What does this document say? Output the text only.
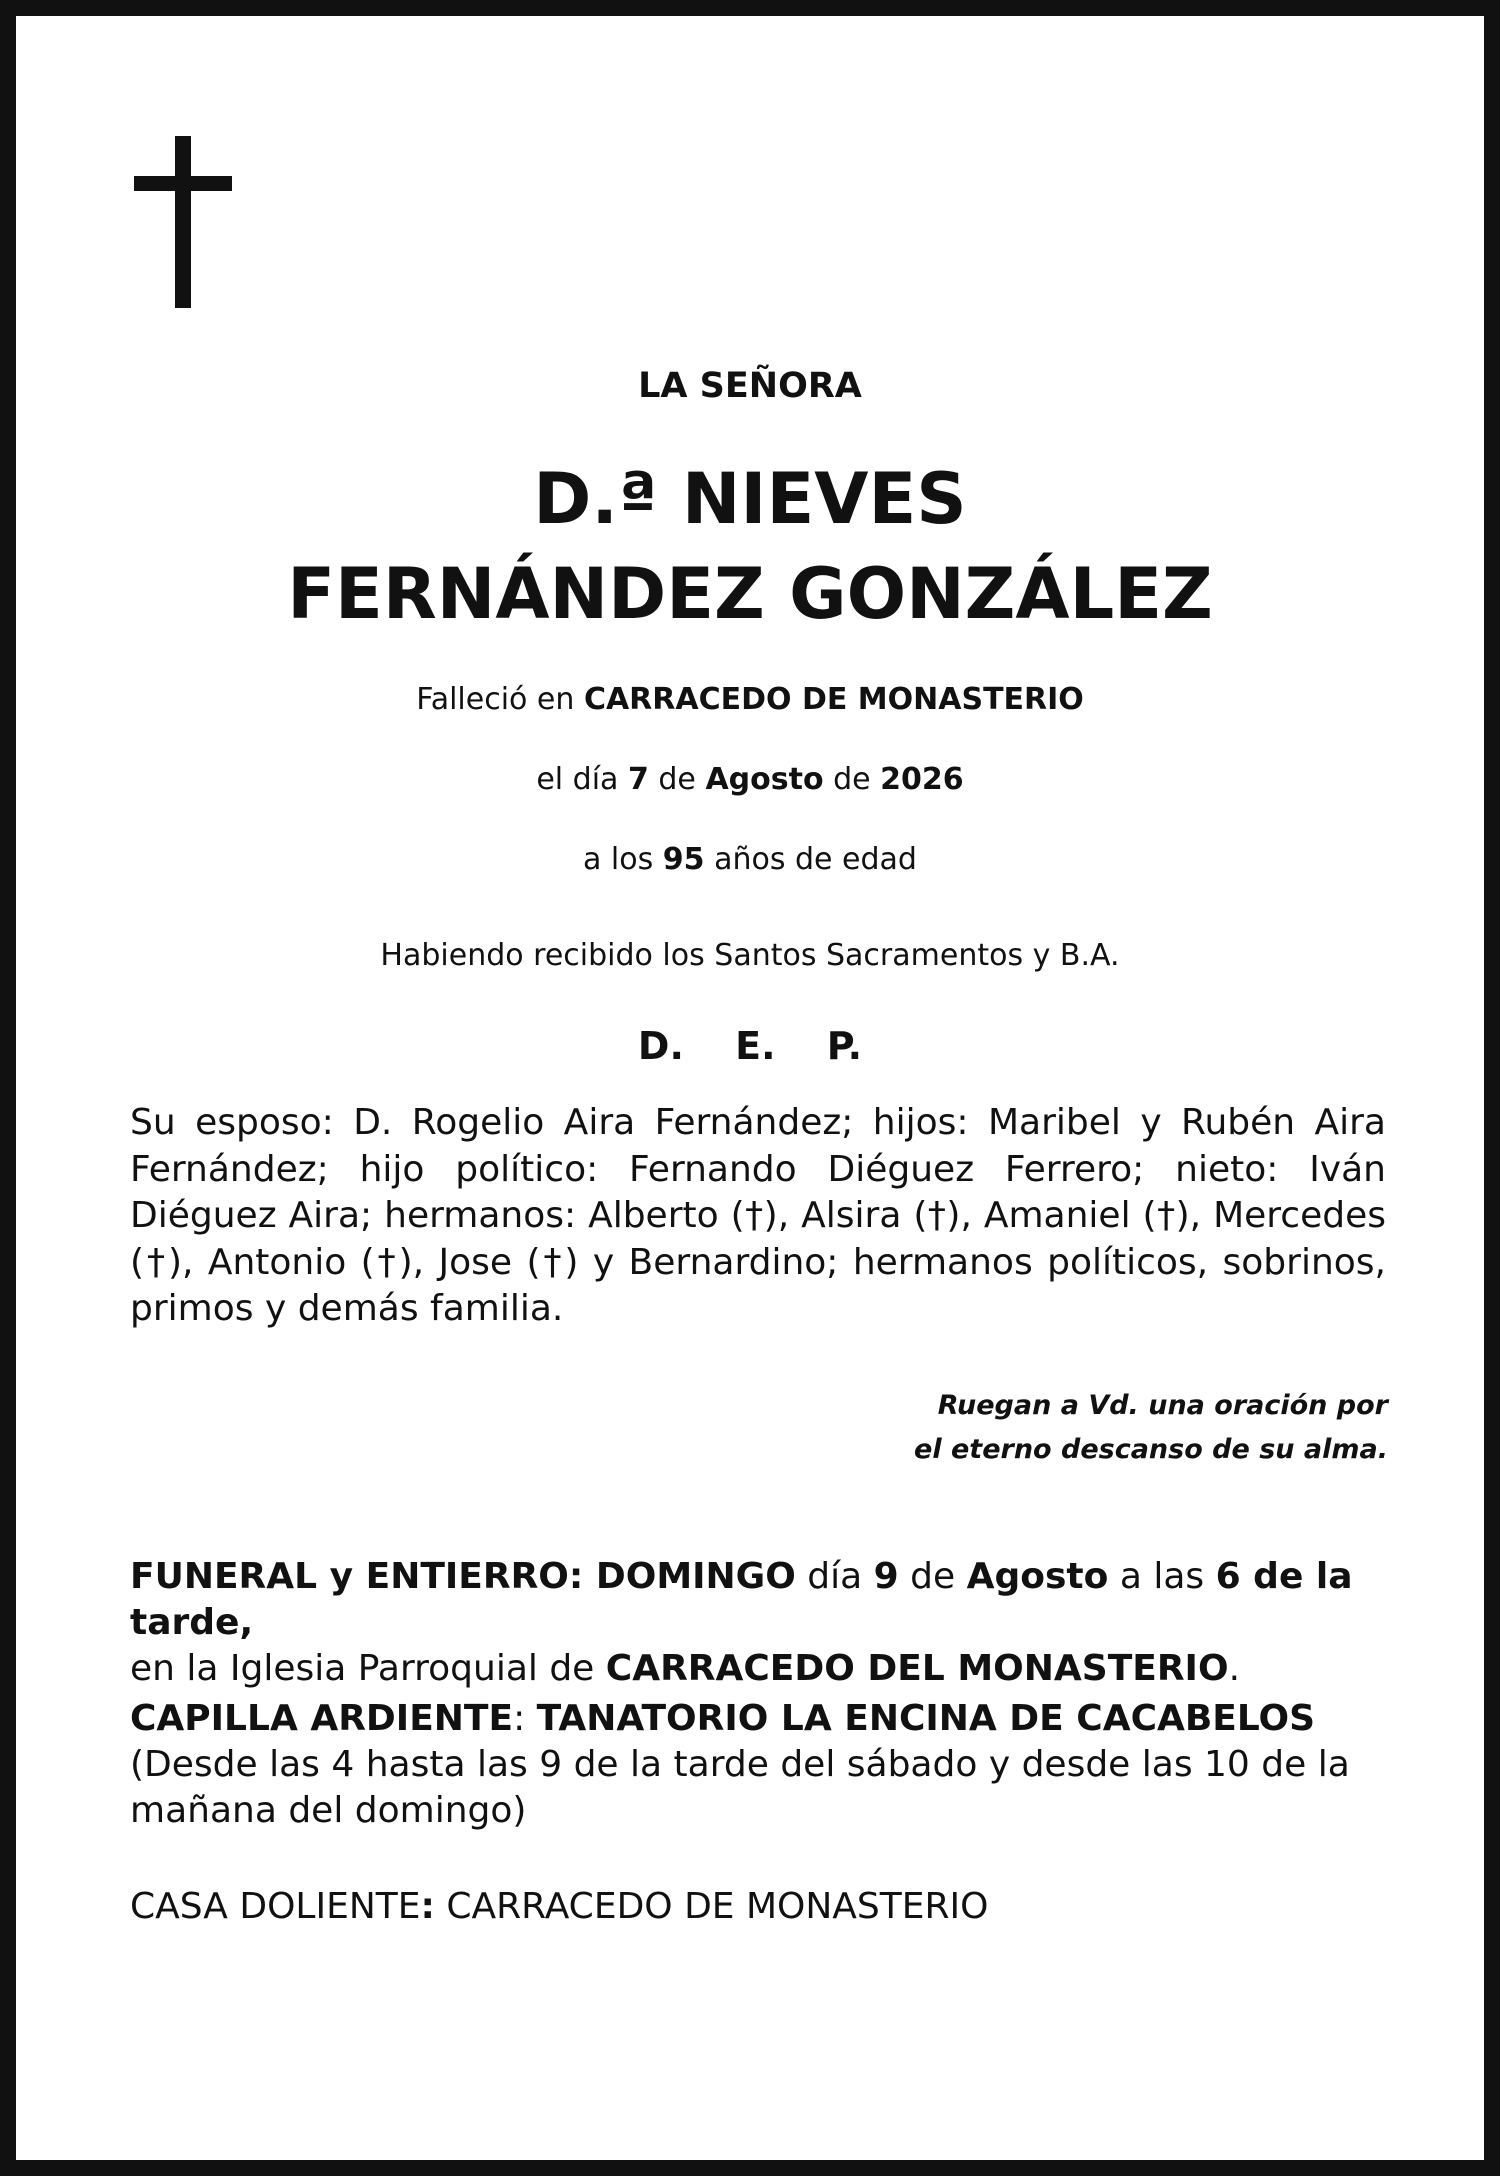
LA SEÑORA
D.ª NIEVES
FERNÁNDEZ GONZÁLEZ
Falleció en CARRACEDO DE MONASTERIO
el día 7 de Agosto de 2026
a los 95 años de edad
Habiendo recibido los Santos Sacramentos y B.A.
D. E. P.
Su esposo: D. Rogelio Aira Fernández; hijos: Maribel y Rubén Aira Fernández; hijo político: Fernando Diéguez Ferrero; nieto: Iván Diéguez Aira; hermanos: Alberto (†), Alsira (†), Amaniel (†), Mercedes (†), Antonio (†), Jose (†) y Bernardino; hermanos políticos, sobrinos, primos y demás familia.
Ruegan a Vd. una oración por
el eterno descanso de su alma.
FUNERAL y ENTIERRO: DOMINGO día 9 de Agosto a las 6 de la tarde,
en la Iglesia Parroquial de CARRACEDO DEL MONASTERIO.
CAPILLA ARDIENTE: TANATORIO LA ENCINA DE CACABELOS
(Desde las 4 hasta las 9 de la tarde del sábado y desde las 10 de la mañana del domingo)
CASA DOLIENTE: CARRACEDO DE MONASTERIO
